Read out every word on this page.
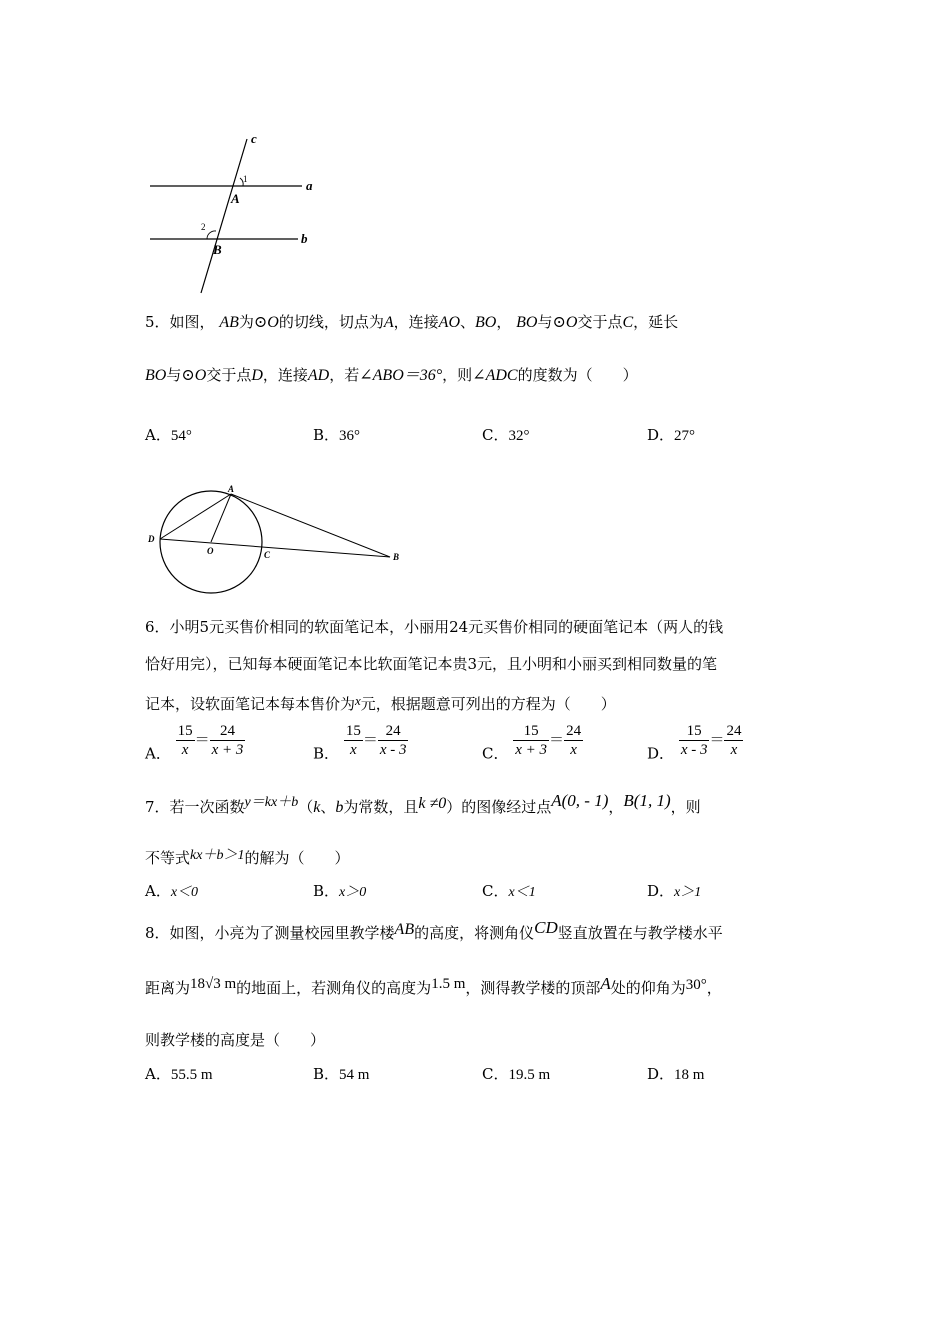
c
a
b
A
B
1
2
5．如图， AB为⊙O的切线，切点为A，连接AO、BO， BO与⊙O交于点C，延长
BO与⊙O交于点D，连接AD，若∠ABO＝36°，则∠ADC的度数为（　　）
A．54°	B．36°	C．32°	D．27°
A
D
O	C	B
6．小明5元买售价相同的软面笔记本，小丽用24元买售价相同的硬面笔记本（两人的钱
恰好用完），已知每本硬面笔记本比软面笔记本贵3元，且小明和小丽买到相同数量的笔
记本，设软面笔记本每本售价为x元，根据题意可列出的方程为（　　）
A． $\frac{15}{x} = \frac{24}{x + 3}$	B． $\frac{15}{x} = \frac{24}{x - 3}$	C． $\frac{15}{x + 3} = \frac{24}{x}$	D． $\frac{15}{x - 3} = \frac{24}{x}$
7．若一次函数y＝kx＋b（k、b为常数，且k ≠0）的图像经过点A(0, - 1)，B(1, 1)，则
不等式kx＋b＞1的解为（　　）
A．x＜0	B．x＞0	C．x＜1	D．x＞1
8．如图，小亮为了测量校园里教学楼AB的高度，将测角仪CD竖直放置在与教学楼水平
距离为18√3 m的地面上，若测角仪的高度为1.5 m，测得教学楼的顶部A处的仰角为30°，
则教学楼的高度是（　　）
A．55.5 m	B．54 m	C．19.5 m	D．18 m
